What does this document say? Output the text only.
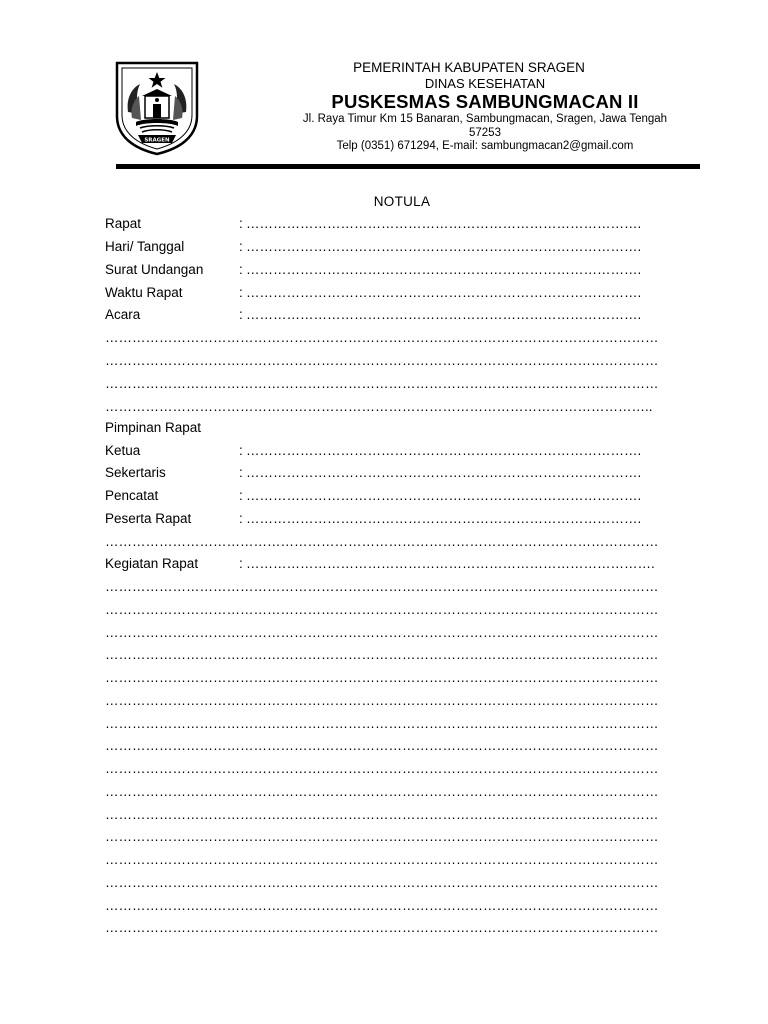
SRAGEN
PEMERINTAH KABUPATEN SRAGEN
DINAS KESEHATAN
PUSKESMAS SAMBUNGMACAN II
Jl. Raya Timur Km 15 Banaran, Sambungmacan, Sragen, Jawa Tengah
57253
Telp (0351) 671294, E-mail: sambungmacan2@gmail.com
NOTULA
Rapat	: …………………………………………………………………………….
Hari/ Tanggal	: …………………………………………………………………………….
Surat Undangan	: …………………………………………………………………………….
Waktu Rapat	: …………………………………………………………………………….
Acara	: …………………………………………………………………………….
……………………………………………………………………………………………………………
……………………………………………………………………………………………………………
……………………………………………………………………………………………………………
…………………………………………………………………………………………………………..
Pimpinan Rapat
Ketua	: …………………………………………………………………………….
Sekertaris	: …………………………………………………………………………….
Pencatat	: …………………………………………………………………………….
Peserta Rapat	: …………………………………………………………………………….
……………………………………………………………………………………………………………
Kegiatan Rapat	: ……………………………………………………………………………….
……………………………………………………………………………………………………………
……………………………………………………………………………………………………………
……………………………………………………………………………………………………………
……………………………………………………………………………………………………………
……………………………………………………………………………………………………………
……………………………………………………………………………………………………………
……………………………………………………………………………………………………………
……………………………………………………………………………………………………………
……………………………………………………………………………………………………………
……………………………………………………………………………………………………………
……………………………………………………………………………………………………………
……………………………………………………………………………………………………………
……………………………………………………………………………………………………………
……………………………………………………………………………………………………………
……………………………………………………………………………………………………………
……………………………………………………………………………………………………………
